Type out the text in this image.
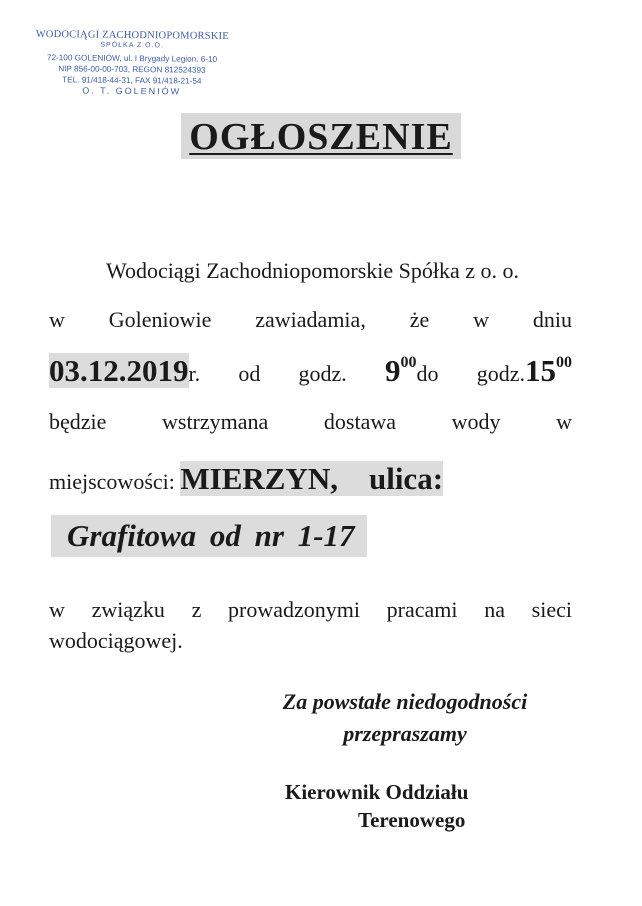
WODOCIĄGI ZACHODNIOPOMORSKIE
SPÓŁKA Z O.O.
72-100 GOLENIÓW, ul. I Brygady Legion. 6-10
NIP 856-00-00-703, REGON 812524393
TEL. 91/418-44-31, FAX 91/418-21-54
O. T. GOLENIÓW
OGŁOSZENIE
Wodociągi Zachodniopomorskie Spółka z o. o.
w Goleniowie zawiadamia, że w dniu
03.12.2019r. od godz. $9^{00}do$ $godz.15^{00}$
będzie	wstrzymana	dostawa	wody	w
miejscowości: MIERZYN, ulica:
Grafitowa od nr 1-17
w związku z prowadzonymi pracami na sieci
wodociągowej.
Za powstałe niedogodności
przepraszamy
Kierownik Oddziału
Terenowego
